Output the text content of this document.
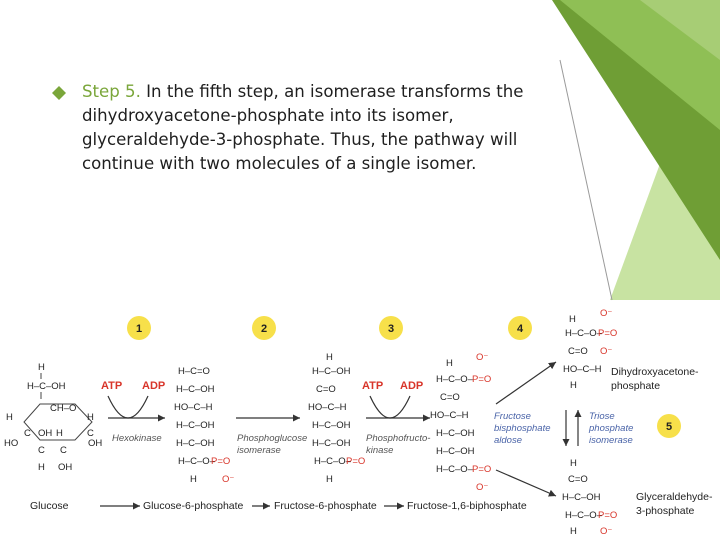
Step 5. In the fifth step, an isomerase transforms the dihydroxyacetone-phosphate into its isomer, glyceraldehyde-3-phosphate. Thus, the pathway will continue with two molecules of a single isomer.
1	2	3	4
5
H
H–C–OH
CH–O
H	H
C OH H	C
HO	OH
C C
H OH
Glucose
ATP ADP
Hexokinase
H–C=O
H–C–OH
HO–C–H
H–C–OH
H–C–OH
H–C–O–
P=O
H	O⁻
Glucose-6-phosphate
Phosphoglucose
isomerase
H
H–C–OH
C=O
HO–C–H
H–C–OH
H–C–OH
H–C–O–
P=O
H
Fructose-6-phosphate
ATP ADP
Phosphofructo-
kinase
H
O⁻
H–C–O– P=O
C=O
HO–C–H
H–C–OH
H–C–OH
H–C–O– P=O
O⁻
Fructose-1,6-biphosphate
Fructose
bisphosphate
aldose
O⁻
H
H–C–O–
P=O
C=O O⁻
HO–C–H
H
Dihydroxyacetone-
phosphate
Triose
phosphate
isomerase
H
C=O
H–C–OH
H–C–O–
P=O
H O⁻
Glyceraldehyde-
3-phosphate
